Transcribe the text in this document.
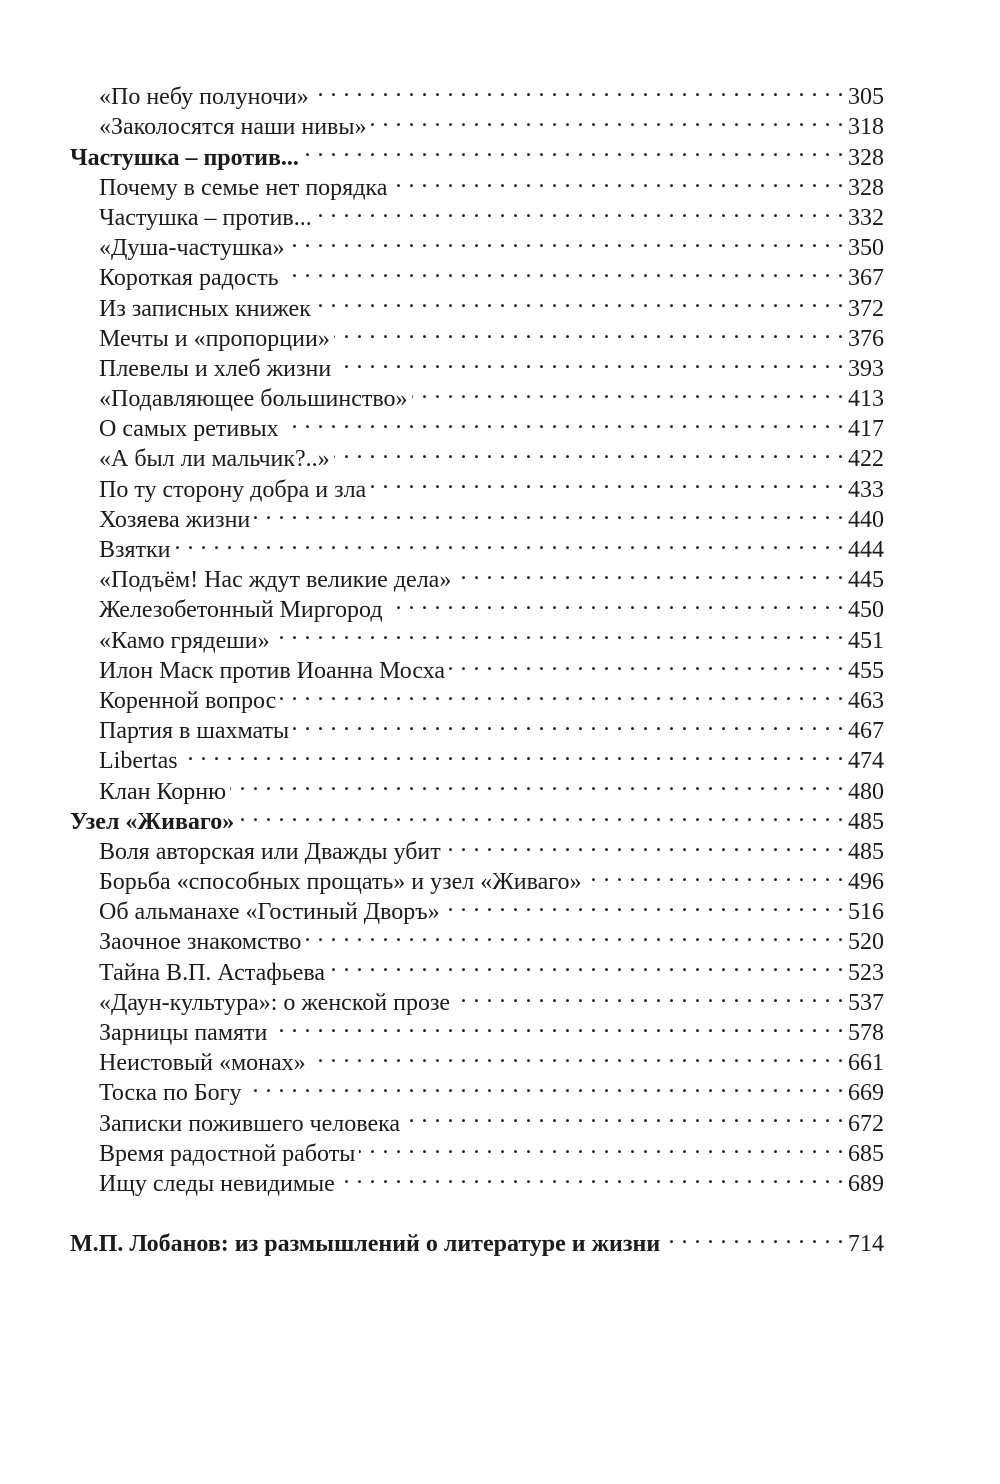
«По небу полуночи» . . .	305
«Заколосятся наши нивы» . . .	318
Частушка – против... . . .	328
Почему в семье нет порядка . . .	328
Частушка – против... . . .	332
«Душа-частушка» . . .	350
Короткая радость . . .	367
Из записных книжек . . .	372
Мечты и «пропорции» . . .	376
Плевелы и хлеб жизни . . .	393
«Подавляющее большинство» . . .	413
О самых ретивых . . .	417
«А был ли мальчик?..» . . .	422
По ту сторону добра и зла . . .	433
Хозяева жизни . . .	440
Взятки . . .	444
«Подъём! Нас ждут великие дела» . . .	445
Железобетонный Миргород . . .	450
«Камо грядеши» . . .	451
Илон Маск против Иоанна Мосха . . .	455
Коренной вопрос . . .	463
Партия в шахматы . . .	467
Libertas . . .	474
Клан Корню . . .	480
Узел «Живаго» . . .	485
Воля авторская или Дважды убит . . .	485
Борьба «способных прощать» и узел «Живаго» . . .	496
Об альманахе «Гостиный Дворъ» . . .	516
Заочное знакомство . . .	520
Тайна В.П. Астафьева . . .	523
«Даун-культура»: о женской прозе . . .	537
Зарницы памяти . . .	578
Неистовый «монах» . . .	661
Тоска по Богу . . .	669
Записки пожившего человека . . .	672
Время радостной работы . . .	685
Ищу следы невидимые . . .	689
М.П. Лобанов: из размышлений о литературе и жизни . . .	714
